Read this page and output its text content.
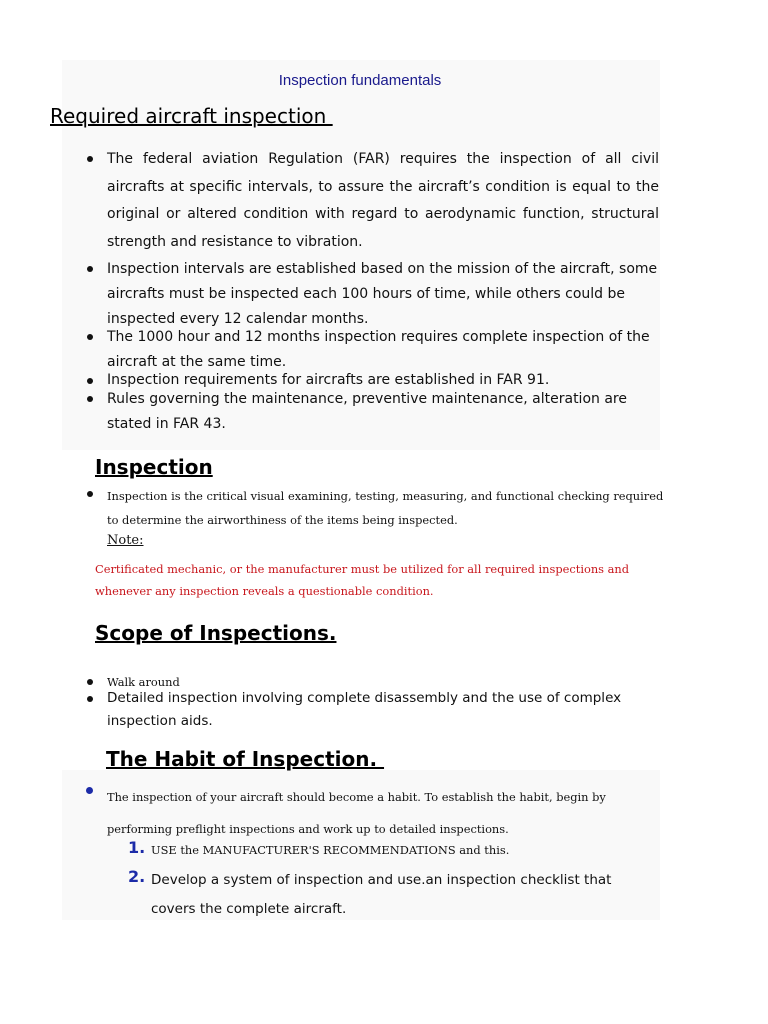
Inspection fundamentals
Required aircraft inspection

The federal aviation Regulation (FAR) requires the inspection of all civil aircrafts at specific intervals, to assure the aircraft’s condition is equal to the original or altered condition with regard to aerodynamic function, structural strength and resistance to vibration.

Inspection intervals are established based on the mission of the aircraft, some aircrafts must be inspected each 100 hours of time, while others could be inspected every 12 calendar months.

The 1000 hour and 12 months inspection requires complete inspection of the aircraft at the same time.

Inspection requirements for aircrafts are established in FAR 91.

Rules governing the maintenance, preventive maintenance, alteration are stated in FAR 43.

Inspection

Inspection is the critical visual examining, testing, measuring, and functional checking required to determine the airworthiness of the items being inspected.

Note:

Certificated mechanic, or the manufacturer must be utilized for all required inspections and whenever any inspection reveals a questionable condition.

Scope of Inspections.

Walk around

Detailed inspection involving complete disassembly and the use of complex inspection aids.

The Habit of Inspection.

The inspection of your aircraft should become a habit. To establish the habit, begin by performing preflight inspections and work up to detailed inspections.

1. USE the MANUFACTURER'S RECOMMENDATIONS and this.

2. Develop a system of inspection and use.an inspection checklist that covers the complete aircraft.
